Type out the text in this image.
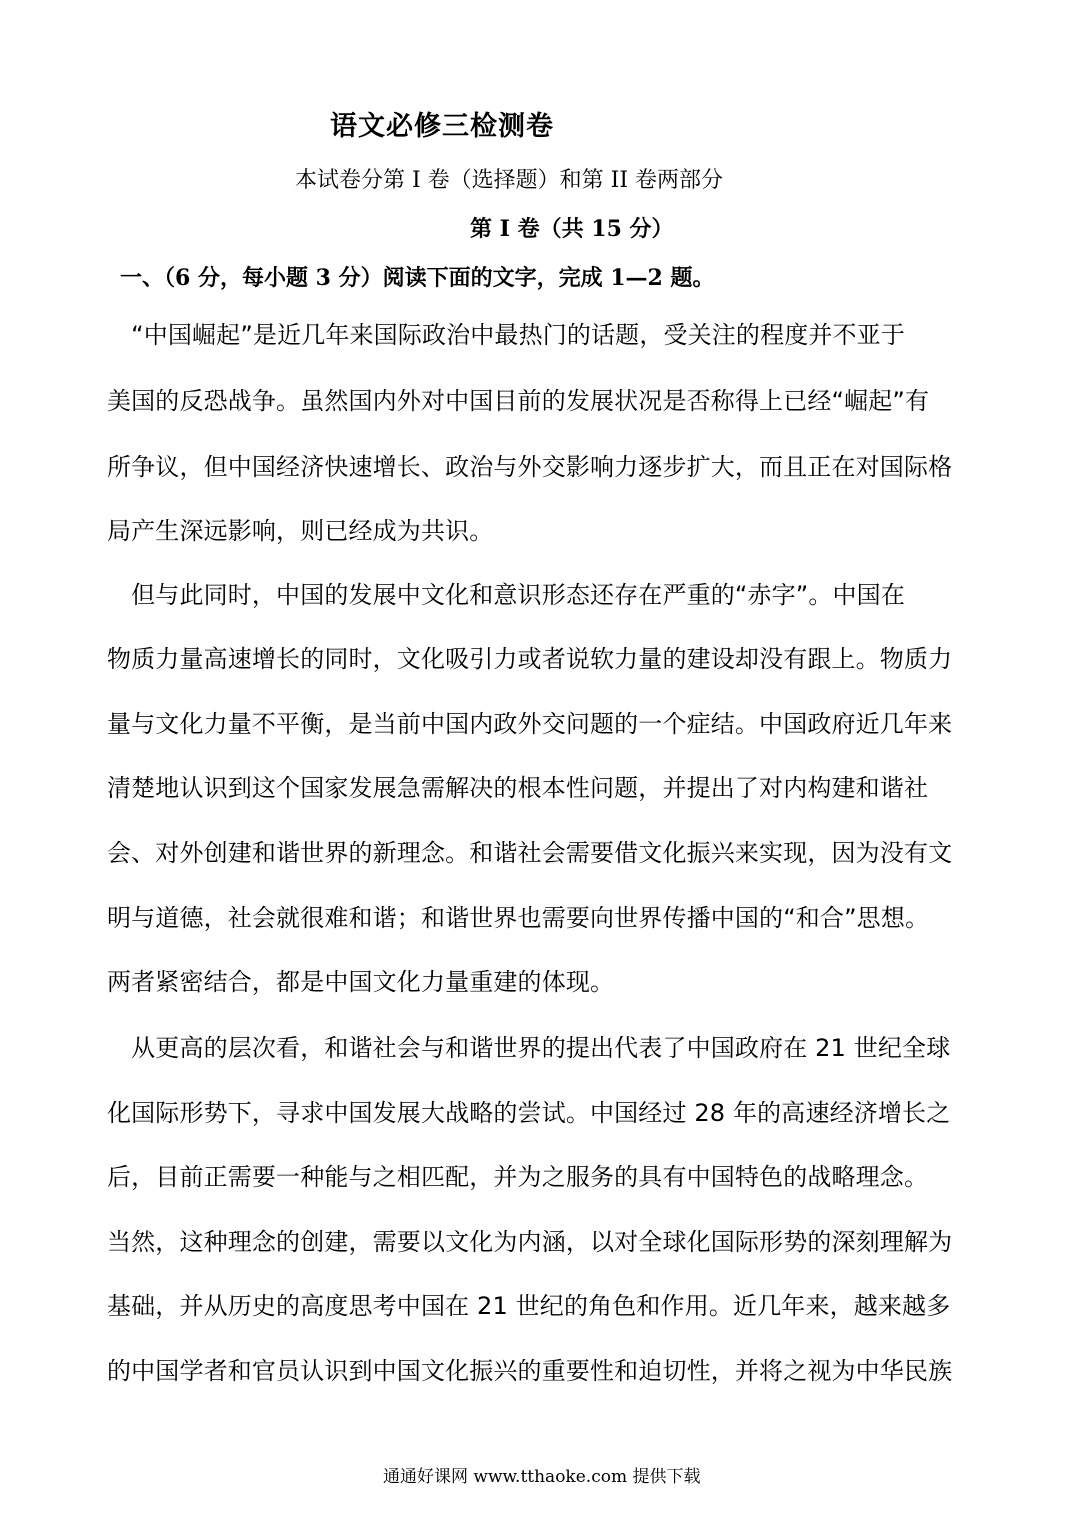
语文必修三检测卷
本试卷分第 I 卷（选择题）和第 II 卷两部分
第 I 卷（共 15 分）
一、（6 分，每小题 3 分）阅读下面的文字，完成 1—2 题。
　“中国崛起”是近几年来国际政治中最热门的话题，受关注的程度并不亚于
美国的反恐战争。虽然国内外对中国目前的发展状况是否称得上已经“崛起”有
所争议，但中国经济快速增长、政治与外交影响力逐步扩大，而且正在对国际格
局产生深远影响，则已经成为共识。
　但与此同时，中国的发展中文化和意识形态还存在严重的“赤字”。中国在
物质力量高速增长的同时，文化吸引力或者说软力量的建设却没有跟上。物质力
量与文化力量不平衡，是当前中国内政外交问题的一个症结。中国政府近几年来
清楚地认识到这个国家发展急需解决的根本性问题，并提出了对内构建和谐社
会、对外创建和谐世界的新理念。和谐社会需要借文化振兴来实现，因为没有文
明与道德，社会就很难和谐；和谐世界也需要向世界传播中国的“和合”思想。
两者紧密结合，都是中国文化力量重建的体现。
　从更高的层次看，和谐社会与和谐世界的提出代表了中国政府在 21 世纪全球
化国际形势下，寻求中国发展大战略的尝试。中国经过 28 年的高速经济增长之
后，目前正需要一种能与之相匹配，并为之服务的具有中国特色的战略理念。
当然，这种理念的创建，需要以文化为内涵，以对全球化国际形势的深刻理解为
基础，并从历史的高度思考中国在 21 世纪的角色和作用。近几年来，越来越多
的中国学者和官员认识到中国文化振兴的重要性和迫切性，并将之视为中华民族
通通好课网 www.tthaoke.com 提供下载
